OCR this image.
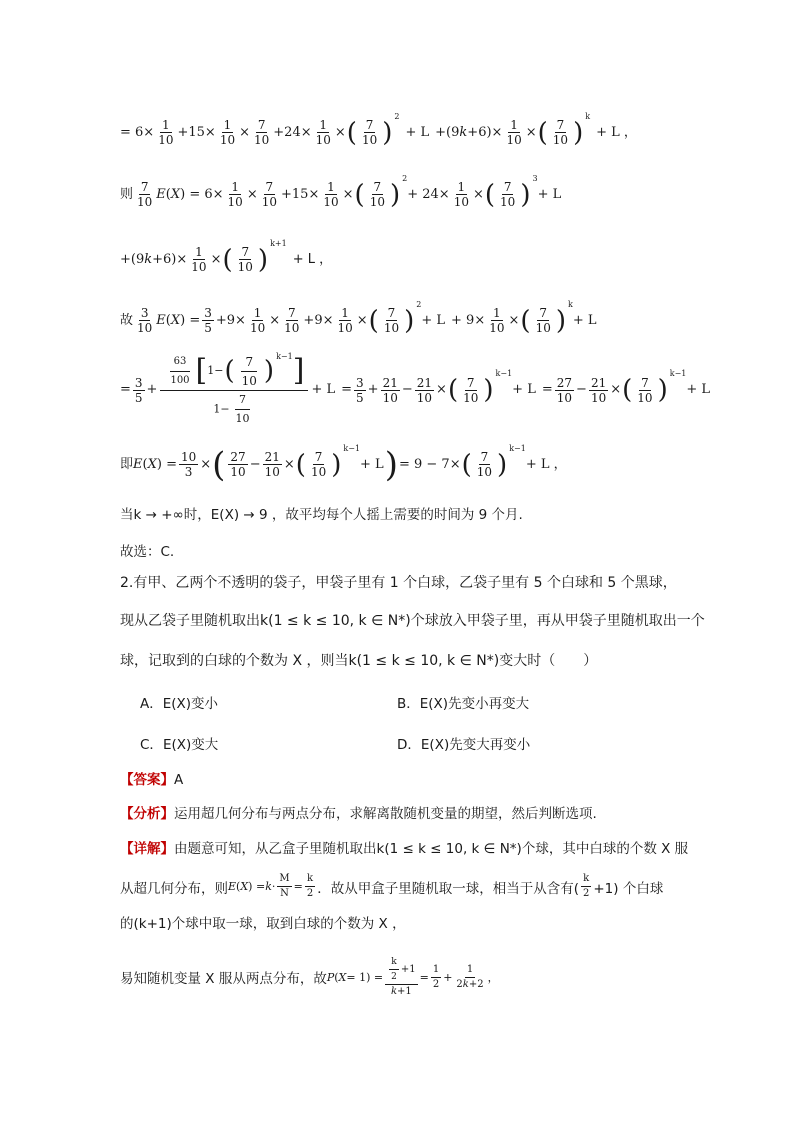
= $6\times \frac{1}{10} +15\times \frac{1}{10} \times \frac{7}{10} +24\times \frac{1}{10}$ × ( $\frac{7}{10}$ )
2
+ L
+(9 $k +6)\times \frac{1}{10}$ × ( $\frac{7}{10}$ )
k
+ L ，
则 $\frac{7}{10}$ E ( X ) = $6\times \frac{1}{10} \times \frac{7}{10} +15\times \frac{1}{10}$ × ( $\frac{7}{10}$ )
2
+ $24\times \frac{1}{10}$ × ( $\frac{7}{10}$ )
3
+ L
+(9 $k +6)\times \frac{1}{10}$ × ( $\frac{7}{10}$ )
k+1
+ L ，
故 $\frac{3}{10}$ E ( X ) = $\frac{3}{5} +9\times \frac{1}{10} \times \frac{7}{10} +9\times \frac{1}{10}$ × ( $\frac{7}{10}$ )
2
+ L
+ $9\times \frac{1}{10}$ × ( $\frac{7}{10}$ )
k
+ L
= $\frac{3}{5} + \frac{\frac{63}{100} [ 1- ( \frac{7}{10} ) k-1 ]}{1- \frac{7}{10}} + L$
= $\frac{3}{5} + \frac{21}{10} - \frac{21}{10}$ × ( $\frac{7}{10}$ )
k−1
+ L
= $\frac{27}{10} - \frac{21}{10}$ × ( $\frac{7}{10}$ )
k−1
+ L
即 E ( X ) = $\frac{10}{3}$ × ( $\frac{27}{10} - \frac{21}{10}$ × ( $\frac{7}{10}$ )
k−1
+ L ) = 9 − 7× ( $\frac{7}{10}$ )
k−1
+ L ，
当k → +∞时，E(X) → 9 ，故平均每个人摇上需要的时间为 9 个月.
故选：C.
2.有甲、乙两个不透明的袋子，甲袋子里有 1 个白球，乙袋子里有 5 个白球和 5 个黑球，
现从乙袋子里随机取出k(1 ≤ k ≤ 10, k ∈ N*)个球放入甲袋子里，再从甲袋子里随机取出一个
球，记取到的白球的个数为 X ，则当k(1 ≤ k ≤ 10, k ∈ N*)变大时（　　）
A．E(X)变小	B．E(X)先变小再变大
C．E(X)变大	D．E(X)先变大再变小
【答案】A
【分析】运用超几何分布与两点分布，求解离散随机变量的期望，然后判断选项.
【详解】由题意可知，从乙盒子里随机取出k(1 ≤ k ≤ 10, k ∈ N*)个球，其中白球的个数 X 服
从超几何分布，则 E ( X ) = $k \cdot \frac{M}{N} = \frac{k}{2}$ ．故从甲盒子里随机取一球，相当于从含有( $\frac{k}{2} +1$) 个白球
的(k+1)个球中取一球，取到白球的个数为 X ，
易知随机变量 X 服从两点分布，故 P ( $X = 1) = \frac{\frac{k}{2} +1}{k+1} = \frac{1}{2} + \frac{1}{2k+2}$ ，
